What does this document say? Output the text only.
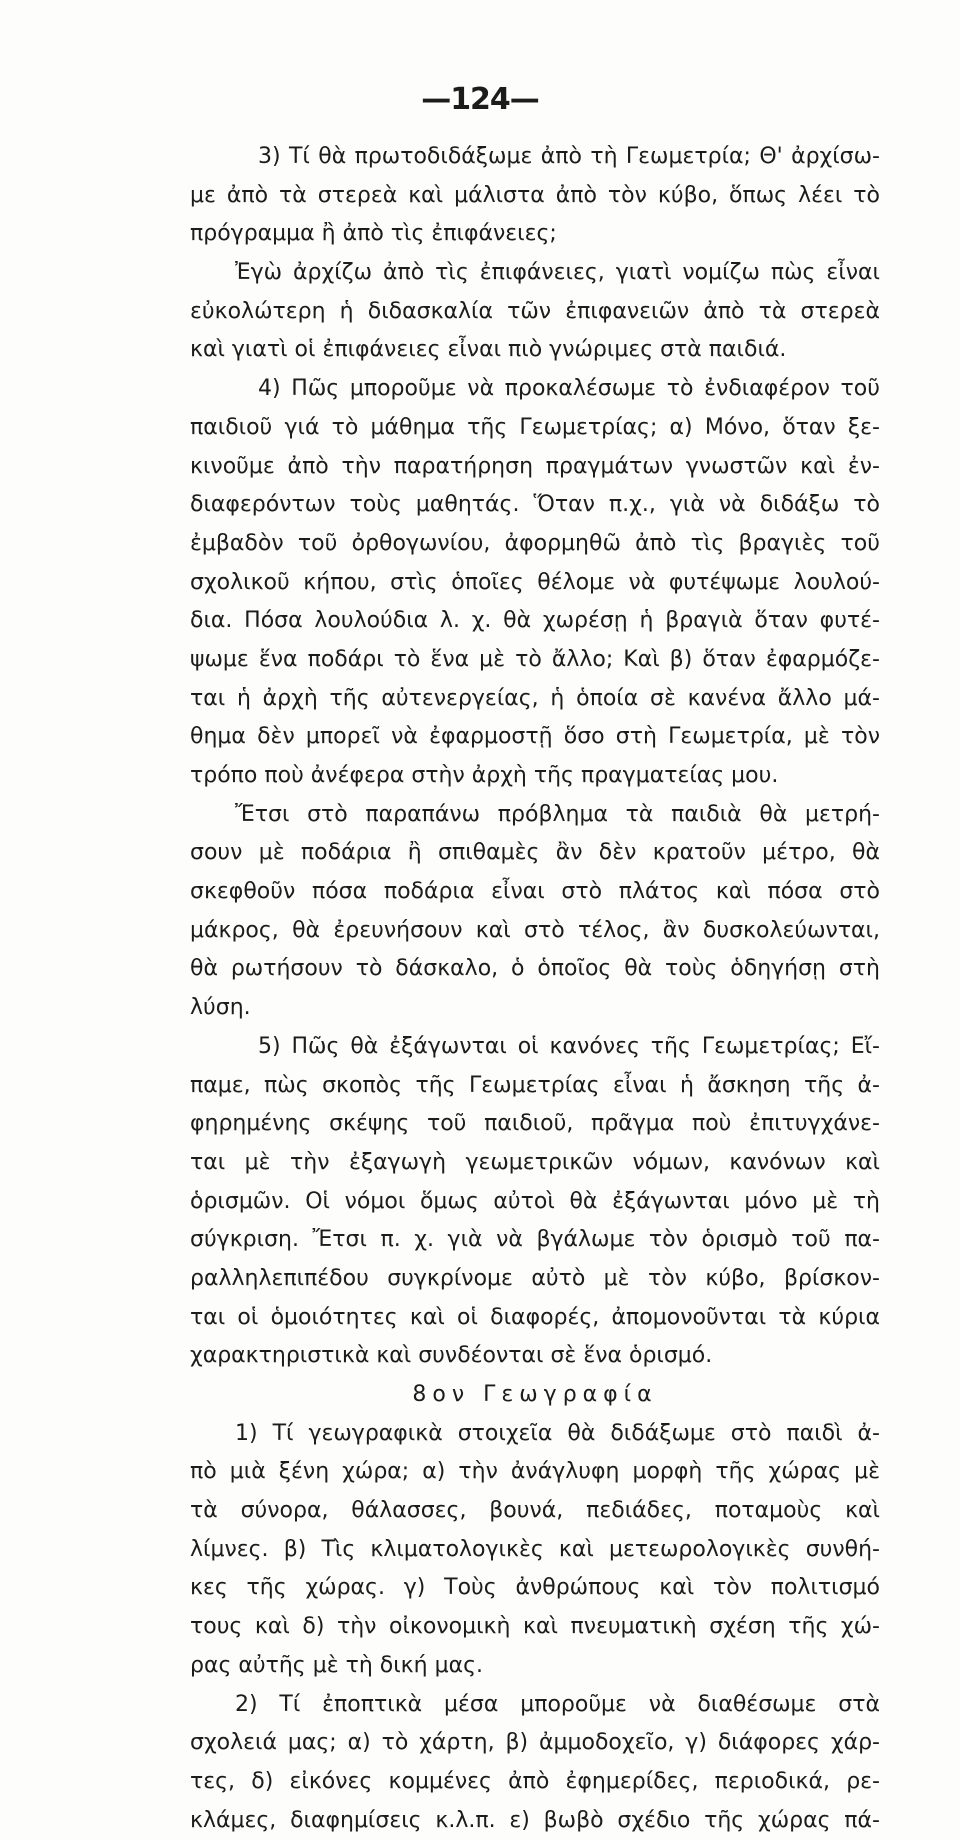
—124—
3) Τί θὰ πρωτοδιδάξωμε ἀπὸ τὴ Γεωμετρία; Θ' ἀρχίσω-
με ἀπὸ τὰ στερεὰ καὶ μάλιστα ἀπὸ τὸν κύβο, ὅπως λέει τὸ
πρόγραμμα ἢ ἀπὸ τὶς ἐπιφάνειες;
Ἐγὼ ἀρχίζω ἀπὸ τὶς ἐπιφάνειες, γιατὶ νομίζω πὼς εἶναι
εὐκολώτερη ἡ διδασκαλία τῶν ἐπιφανειῶν ἀπὸ τὰ στερεὰ
καὶ γιατὶ οἱ ἐπιφάνειες εἶναι πιὸ γνώριμες στὰ παιδιά.
4) Πῶς μποροῦμε νὰ προκαλέσωμε τὸ ἐνδιαφέρον τοῦ
παιδιοῦ γιά τὸ μάθημα τῆς Γεωμετρίας; α) Μόνο, ὅταν ξε-
κινοῦμε ἀπὸ τὴν παρατήρηση πραγμάτων γνωστῶν καὶ ἐν-
διαφερόντων τοὺς μαθητάς. Ὅταν π.χ., γιὰ νὰ διδάξω τὸ
ἐμβαδὸν τοῦ ὀρθογωνίου, ἀφορμηθῶ ἀπὸ τὶς βραγιὲς τοῦ
σχολικοῦ κήπου, στὶς ὁποῖες θέλομε νὰ φυτέψωμε λουλού-
δια. Πόσα λουλούδια λ. χ. θὰ χωρέσῃ ἡ βραγιὰ ὅταν φυτέ-
ψωμε ἕνα ποδάρι τὸ ἕνα μὲ τὸ ἄλλο; Καὶ β) ὅταν ἐφαρμόζε-
ται ἡ ἀρχὴ τῆς αὐτενεργείας, ἡ ὁποία σὲ κανένα ἄλλο μά-
θημα δὲν μπορεῖ νὰ ἐφαρμοστῇ ὅσο στὴ Γεωμετρία, μὲ τὸν
τρόπο ποὺ ἀνέφερα στὴν ἀρχὴ τῆς πραγματείας μου.
Ἔτσι στὸ παραπάνω πρόβλημα τὰ παιδιὰ θὰ μετρή-
σουν μὲ ποδάρια ἢ σπιθαμὲς ἂν δὲν κρατοῦν μέτρο, θὰ
σκεφθοῦν πόσα ποδάρια εἶναι στὸ πλάτος καὶ πόσα στὸ
μάκρος, θὰ ἐρευνήσουν καὶ στὸ τέλος, ἂν δυσκολεύωνται,
θὰ ρωτήσουν τὸ δάσκαλο, ὁ ὁποῖος θὰ τοὺς ὁδηγήσῃ στὴ
λύση.
5) Πῶς θὰ ἐξάγωνται οἱ κανόνες τῆς Γεωμετρίας; Εἴ-
παμε, πὼς σκοπὸς τῆς Γεωμετρίας εἶναι ἡ ἄσκηση τῆς ἀ-
φηρημένης σκέψης τοῦ παιδιοῦ, πρᾶγμα ποὺ ἐπιτυγχάνε-
ται μὲ τὴν ἐξαγωγὴ γεωμετρικῶν νόμων, κανόνων καὶ
ὁρισμῶν. Οἱ νόμοι ὅμως αὐτοὶ θὰ ἐξάγωνται μόνο μὲ τὴ
σύγκριση. Ἔτσι π. χ. γιὰ νὰ βγάλωμε τὸν ὁρισμὸ τοῦ πα-
ραλληλεπιπέδου συγκρίνομε αὐτὸ μὲ τὸν κύβο, βρίσκον-
ται οἱ ὁμοιότητες καὶ οἱ διαφορές, ἀπομονοῦνται τὰ κύρια
χαρακτηριστικὰ καὶ συνδέονται σὲ ἕνα ὁρισμό.
8ον Γεωγραφία
1) Τί γεωγραφικὰ στοιχεῖα θὰ διδάξωμε στὸ παιδὶ ἀ-
πὸ μιὰ ξένη χώρα; α) τὴν ἀνάγλυφη μορφὴ τῆς χώρας μὲ
τὰ σύνορα, θάλασσες, βουνά, πεδιάδες, ποταμοὺς καὶ
λίμνες. β) Τὶς κλιματολογικὲς καὶ μετεωρολογικὲς συνθή-
κες τῆς χώρας. γ) Τοὺς ἀνθρώπους καὶ τὸν πολιτισμό
τους καὶ δ) τὴν οἰκονομικὴ καὶ πνευματικὴ σχέση τῆς χώ-
ρας αὐτῆς μὲ τὴ δική μας.
2) Τί ἐποπτικὰ μέσα μποροῦμε νὰ διαθέσωμε στὰ
σχολειά μας; α) τὸ χάρτη, β) ἀμμοδοχεῖο, γ) διάφορες χάρ-
τες, δ) εἰκόνες κομμένες ἀπὸ ἐφημερίδες, περιοδικά, ρε-
κλάμες, διαφημίσεις κ.λ.π. ε) βωβὸ σχέδιο τῆς χώρας πά-
